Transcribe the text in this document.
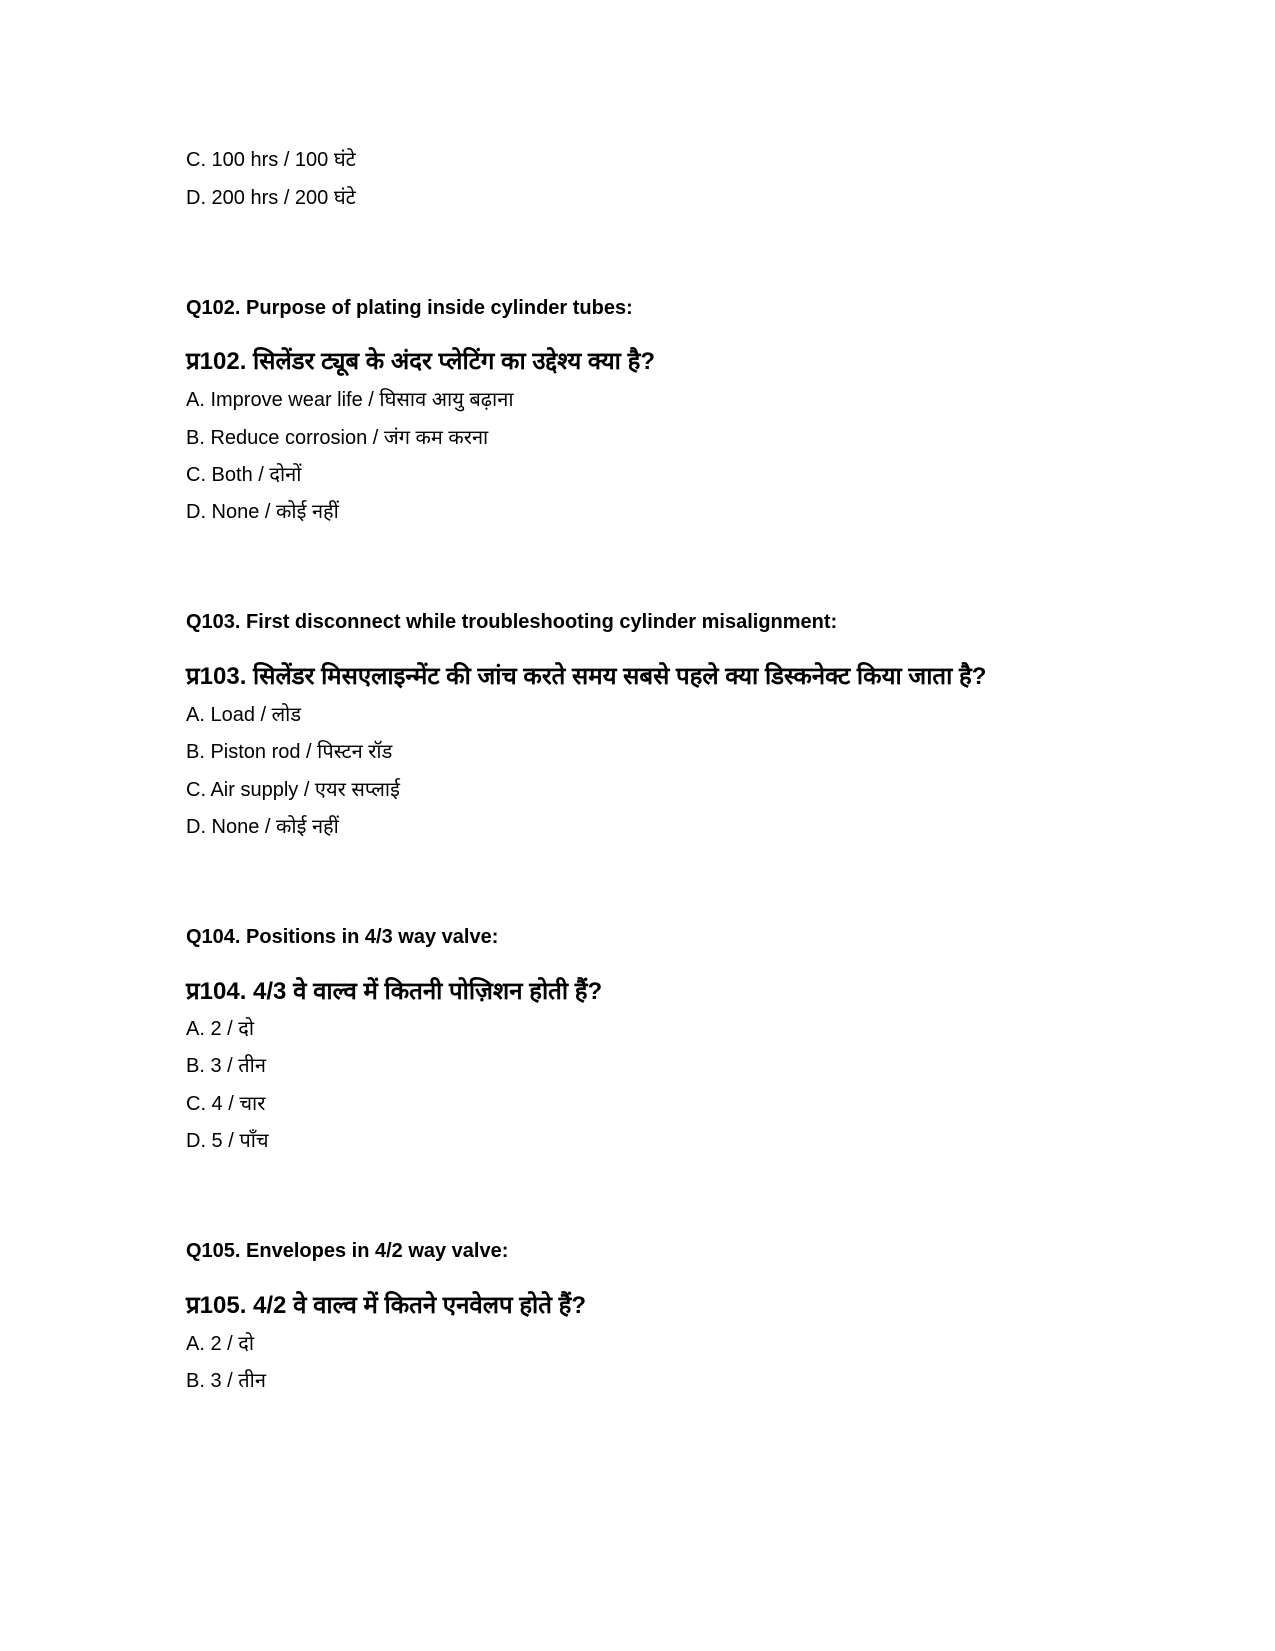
C. 100 hrs / 100 घंटे
D. 200 hrs / 200 घंटे
Q102. Purpose of plating inside cylinder tubes:
प्र102. सिलेंडर ट्यूब के अंदर प्लेटिंग का उद्देश्य क्या है?
A. Improve wear life / घिसाव आयु बढ़ाना
B. Reduce corrosion / जंग कम करना
C. Both / दोनों
D. None / कोई नहीं
Q103. First disconnect while troubleshooting cylinder misalignment:
प्र103. सिलेंडर मिसएलाइन्मेंट की जांच करते समय सबसे पहले क्या डिस्कनेक्ट किया जाता है?
A. Load / लोड
B. Piston rod / पिस्टन रॉड
C. Air supply / एयर सप्लाई
D. None / कोई नहीं
Q104. Positions in 4/3 way valve:
प्र104. 4/3 वे वाल्व में कितनी पोज़िशन होती हैं?
A. 2 / दो
B. 3 / तीन
C. 4 / चार
D. 5 / पाँच
Q105. Envelopes in 4/2 way valve:
प्र105. 4/2 वे वाल्व में कितने एनवेलप होते हैं?
A. 2 / दो
B. 3 / तीन
